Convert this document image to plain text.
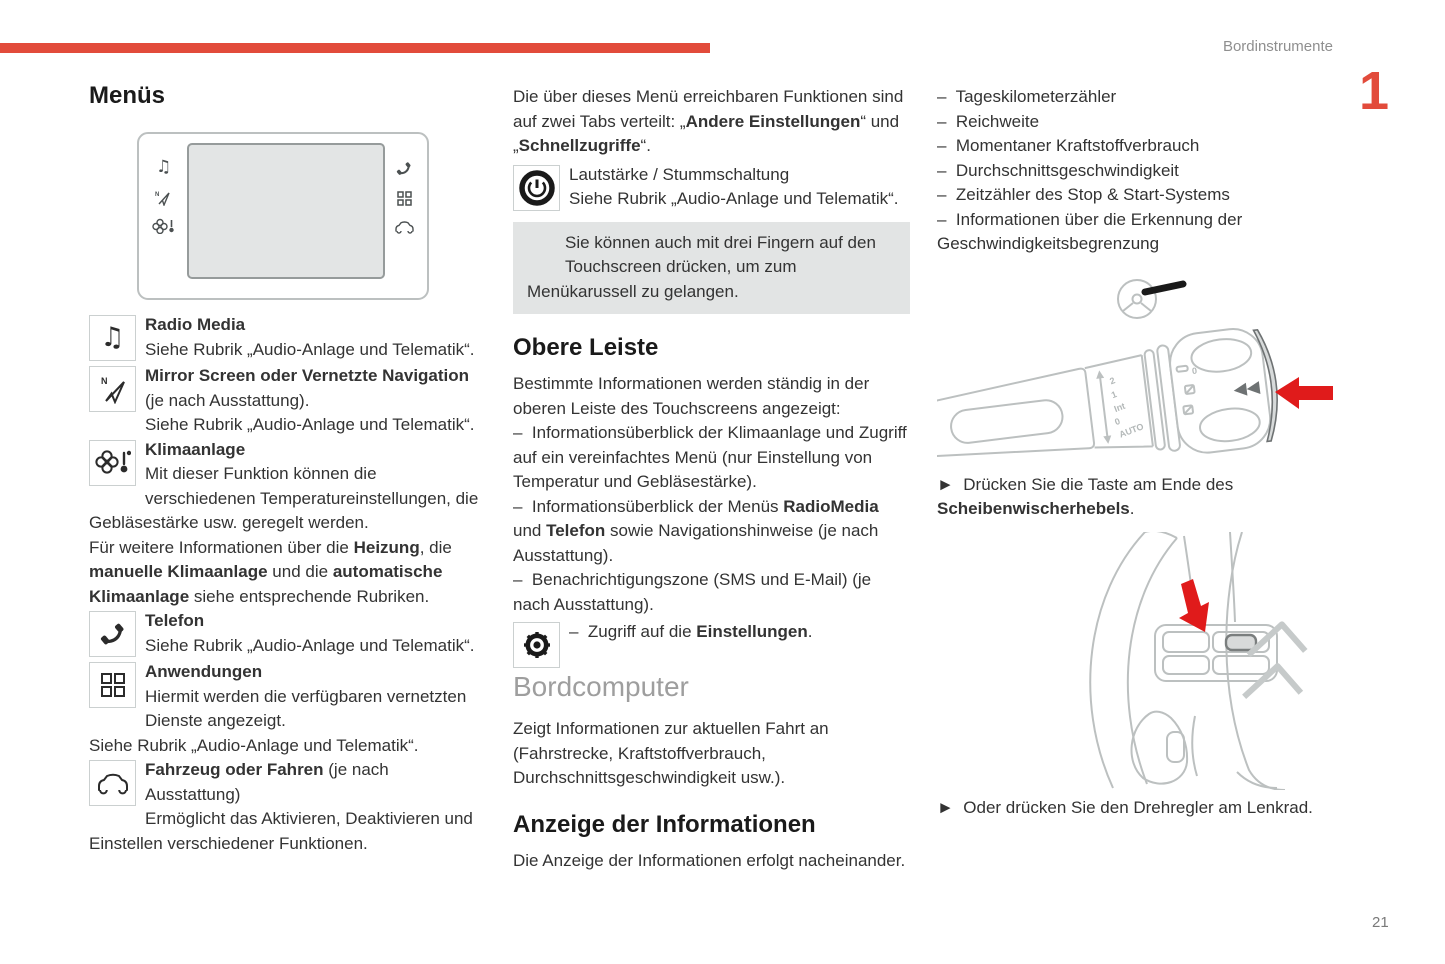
Bordinstrumente
1
Menüs
♫
N
♫ Radio Media
Siehe Rubrik „Audio-Anlage und Telematik“.
N Mirror Screen oder Vernetzte Navigation
(je nach Ausstattung).
Siehe Rubrik „Audio-Anlage und Telematik“.
Klimaanlage
Mit dieser Funktion können die verschiedenen Temperatureinstellungen, die Gebläsestärke usw. geregelt werden.
Für weitere Informationen über die Heizung, die manuelle Klimaanlage und die automatische Klimaanlage siehe entsprechende Rubriken.
Telefon
Siehe Rubrik „Audio-Anlage und Telematik“.
Anwendungen
Hiermit werden die verfügbaren vernetzten Dienste angezeigt.
Siehe Rubrik „Audio-Anlage und Telematik“.
Fahrzeug oder Fahren (je nach Ausstattung)
Ermöglicht das Aktivieren, Deaktivieren und Einstellen verschiedener Funktionen.

Die über dieses Menü erreichbaren Funktionen sind auf zwei Tabs verteilt: „Andere Einstellungen“ und „Schnellzugriffe“.

Lautstärke / Stummschaltung
Siehe Rubrik „Audio-Anlage und Telematik“.

Sie können auch mit drei Fingern auf den Touchscreen drücken, um zum Menükarussell zu gelangen.

Obere Leiste

Bestimmte Informationen werden ständig in der oberen Leiste des Touchscreens angezeigt:

–  Informationsüberblick der Klimaanlage und Zugriff auf ein vereinfachtes Menü (nur Einstellung von Temperatur und Gebläsestärke).

–  Informationsüberblick der Menüs RadioMedia und Telefon sowie Navigationshinweise (je nach Ausstattung).

–  Benachrichtigungszone (SMS und E-Mail) (je nach Ausstattung).

–  Zugriff auf die Einstellungen.
Bordcomputer

Zeigt Informationen zur aktuellen Fahrt an (Fahrstrecke, Kraftstoffverbrauch, Durchschnittsgeschwindigkeit usw.).

Anzeige der Informationen

Die Anzeige der Informationen erfolgt nacheinander.

–  Tageskilometerzähler

–  Reichweite

–  Momentaner Kraftstoffverbrauch

–  Durchschnittsgeschwindigkeit

–  Zeitzähler des Stop & Start-Systems

–  Informationen über die Erkennung der Geschwindigkeitsbegrenzung

2
1
Int
0
AUTO
0
◀◀

►  Drücken Sie die Taste am Ende des Scheibenwischerhebels.

►  Oder drücken Sie den Drehregler am Lenkrad.

21
